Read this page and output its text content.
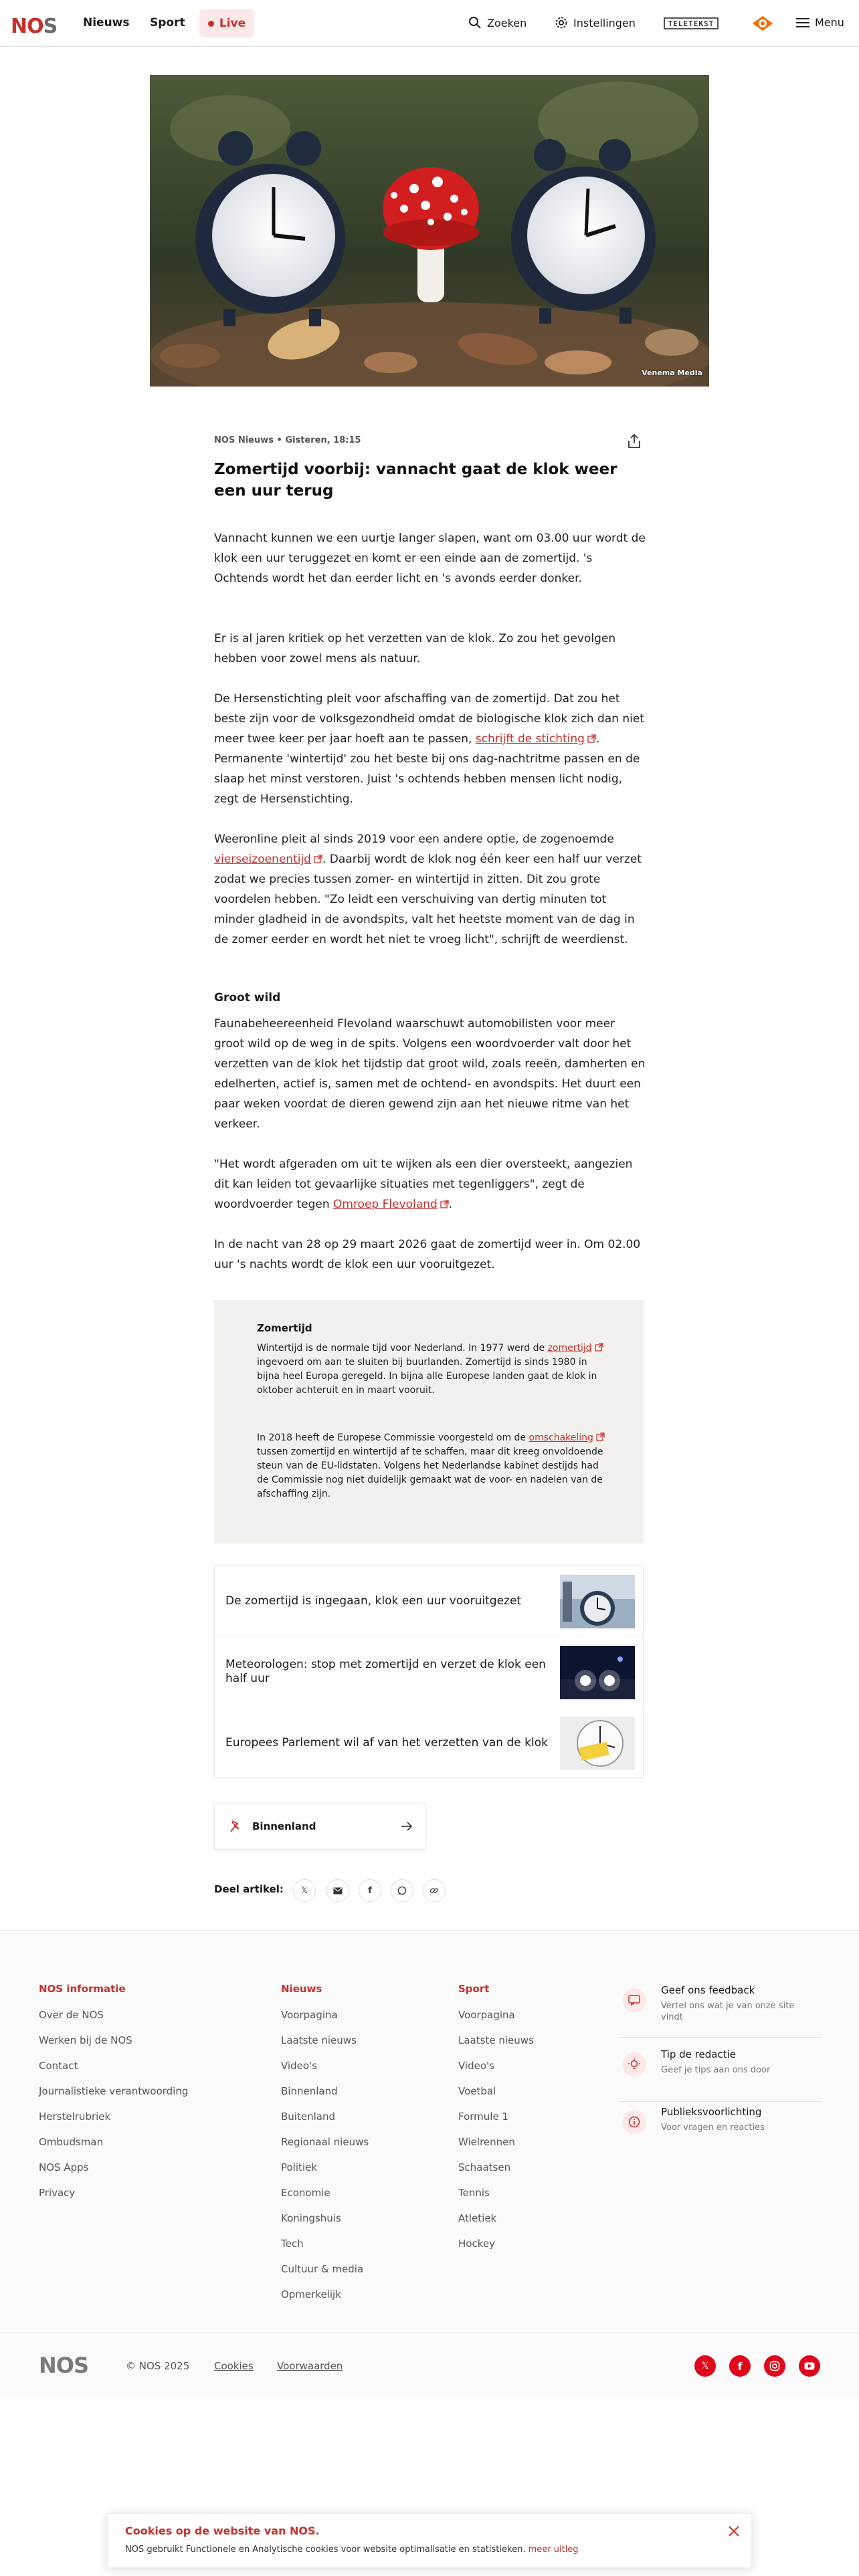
NOS Nieuws Sport	Live	Zoeken	Instellingen	TELETEKST	Menu
Venema Media
NOS Nieuws • Gisteren, 18:15
Zomertijd voorbij: vannacht gaat de klok weer een uur terug

Vannacht kunnen we een uurtje langer slapen, want om 03.00 uur wordt de klok een uur teruggezet en komt er een einde aan de zomertijd. 's Ochtends wordt het dan eerder licht en 's avonds eerder donker.

Er is al jaren kritiek op het verzetten van de klok. Zo zou het gevolgen hebben voor zowel mens als natuur.

De Hersenstichting pleit voor afschaffing van de zomertijd. Dat zou het beste zijn voor de volksgezondheid omdat de biologische klok zich dan niet meer twee keer per jaar hoeft aan te passen, schrijft de stichting . Permanente 'wintertijd' zou het beste bij ons dag-nachtritme passen en de slaap het minst verstoren. Juist 's ochtends hebben mensen licht nodig, zegt de Hersenstichting.

Weeronline pleit al sinds 2019 voor een andere optie, de zogenoemde vierseizoenentijd . Daarbij wordt de klok nog één keer een half uur verzet zodat we precies tussen zomer- en wintertijd in zitten. Dit zou grote voordelen hebben. "Zo leidt een verschuiving van dertig minuten tot minder gladheid in de avondspits, valt het heetste moment van de dag in de zomer eerder en wordt het niet te vroeg licht", schrijft de weerdienst.

Groot wild

Faunabeheereenheid Flevoland waarschuwt automobilisten voor meer groot wild op de weg in de spits. Volgens een woordvoerder valt door het verzetten van de klok het tijdstip dat groot wild, zoals reeën, damherten en edelherten, actief is, samen met de ochtend- en avondspits. Het duurt een paar weken voordat de dieren gewend zijn aan het nieuwe ritme van het verkeer.

"Het wordt afgeraden om uit te wijken als een dier oversteekt, aangezien dit kan leiden tot gevaarlijke situaties met tegenliggers", zegt de woordvoerder tegen Omroep Flevoland .

In de nacht van 28 op 29 maart 2026 gaat de zomertijd weer in. Om 02.00 uur 's nachts wordt de klok een uur vooruitgezet.

Zomertijd

Wintertijd is de normale tijd voor Nederland. In 1977 werd de zomertijd ingevoerd om aan te sluiten bij buurlanden. Zomertijd is sinds 1980 in bijna heel Europa geregeld. In bijna alle Europese landen gaat de klok in oktober achteruit en in maart vooruit.

In 2018 heeft de Europese Commissie voorgesteld om de omschakeling tussen zomertijd en wintertijd af te schaffen, maar dit kreeg onvoldoende steun van de EU-lidstaten. Volgens het Nederlandse kabinet destijds had de Commissie nog niet duidelijk gemaakt wat de voor- en nadelen van de afschaffing zijn.

De zomertijd is ingegaan, klok een uur vooruitgezet
Meteorologen: stop met zomertijd en verzet de klok een half uur
Europees Parlement wil af van het verzetten van de klok
Binnenland
Deel artikel: 𝕏	f
NOS informatie
Over de NOS
Werken bij de NOS
Contact
Journalistieke verantwoording
Herstelrubriek
Ombudsman
NOS Apps
Privacy
Nieuws
Voorpagina
Laatste nieuws
Video's
Binnenland
Buitenland
Regionaal nieuws
Politiek
Economie
Koningshuis
Tech
Cultuur & media
Opmerkelijk
Sport
Voorpagina
Laatste nieuws
Video's
Voetbal
Formule 1
Wielrennen
Schaatsen
Tennis
Atletiek
Hockey
Geef ons feedback
Vertel ons wat je van onze site vindt
Tip de redactie
Geef je tips aan ons door
Publieksvoorlichting
Voor vragen en reacties
NOS	© NOS 2025 Cookies Voorwaarden	𝕏	f
Cookies op de website van NOS.
NOS gebruikt Functionele en Analytische cookies voor website optimalisatie en statistieken. meer uitleg
